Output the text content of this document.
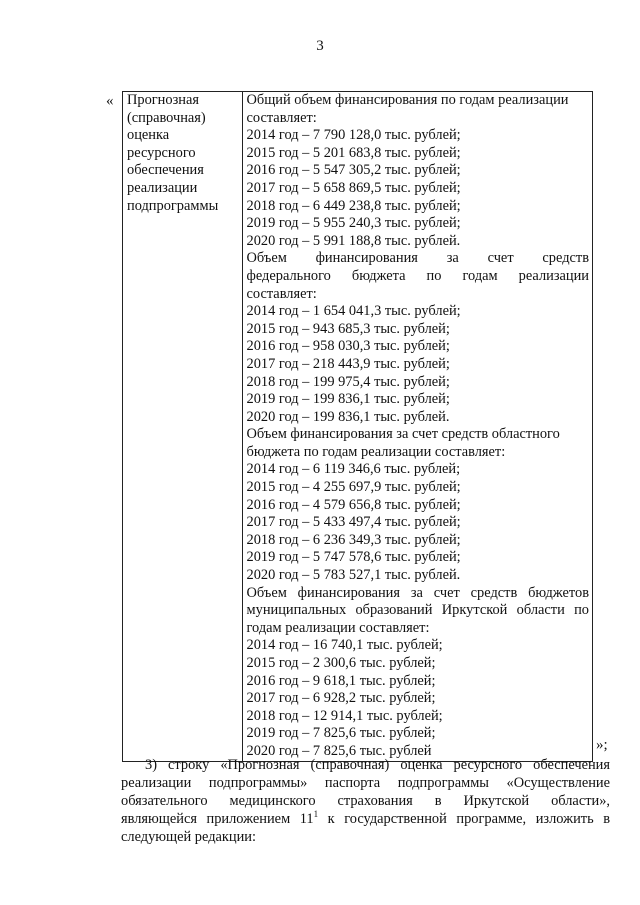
3
« Прогнозная
(справочная)
оценка
ресурсного
обеспечения
реализации
подпрограммы

Общий объем финансирования по годам реализации
составляет:
2014 год – 7 790 128,0 тыс. рублей;
2015 год – 5 201 683,8 тыс. рублей;
2016 год – 5 547 305,2 тыс. рублей;
2017 год – 5 658 869,5 тыс. рублей;
2018 год – 6 449 238,8 тыс. рублей;
2019 год – 5 955 240,3 тыс. рублей;
2020 год – 5 991 188,8 тыс. рублей.
Объем финансирования за счет средств
федерального бюджета по годам реализации
составляет:
2014 год – 1 654 041,3 тыс. рублей;
2015 год – 943 685,3 тыс. рублей;
2016 год – 958 030,3 тыс. рублей;
2017 год – 218 443,9 тыс. рублей;
2018 год – 199 975,4 тыс. рублей;
2019 год – 199 836,1 тыс. рублей;
2020 год – 199 836,1 тыс. рублей.
Объем финансирования за счет средств областного
бюджета по годам реализации составляет:
2014 год – 6 119 346,6 тыс. рублей;
2015 год – 4 255 697,9 тыс. рублей;
2016 год – 4 579 656,8 тыс. рублей;
2017 год – 5 433 497,4 тыс. рублей;
2018 год – 6 236 349,3 тыс. рублей;
2019 год – 5 747 578,6 тыс. рублей;
2020 год – 5 783 527,1 тыс. рублей.
Объем финансирования за счет средств бюджетов
муниципальных образований Иркутской области по
годам реализации составляет:
2014 год – 16 740,1 тыс. рублей;
2015 год – 2 300,6 тыс. рублей;
2016 год – 9 618,1 тыс. рублей;
2017 год – 6 928,2 тыс. рублей;
2018 год – 12 914,1 тыс. рублей;
2019 год – 7 825,6 тыс. рублей;
2020 год – 7 825,6 тыс. рублей	»;
3) строку «Прогнозная (справочная) оценка ресурсного обеспечения
реализации подпрограммы» паспорта подпрограммы «Осуществление
обязательного медицинского страхования в Иркутской области»,
являющейся приложением $11^1$ к государственной программе, изложить в
следующей редакции:
